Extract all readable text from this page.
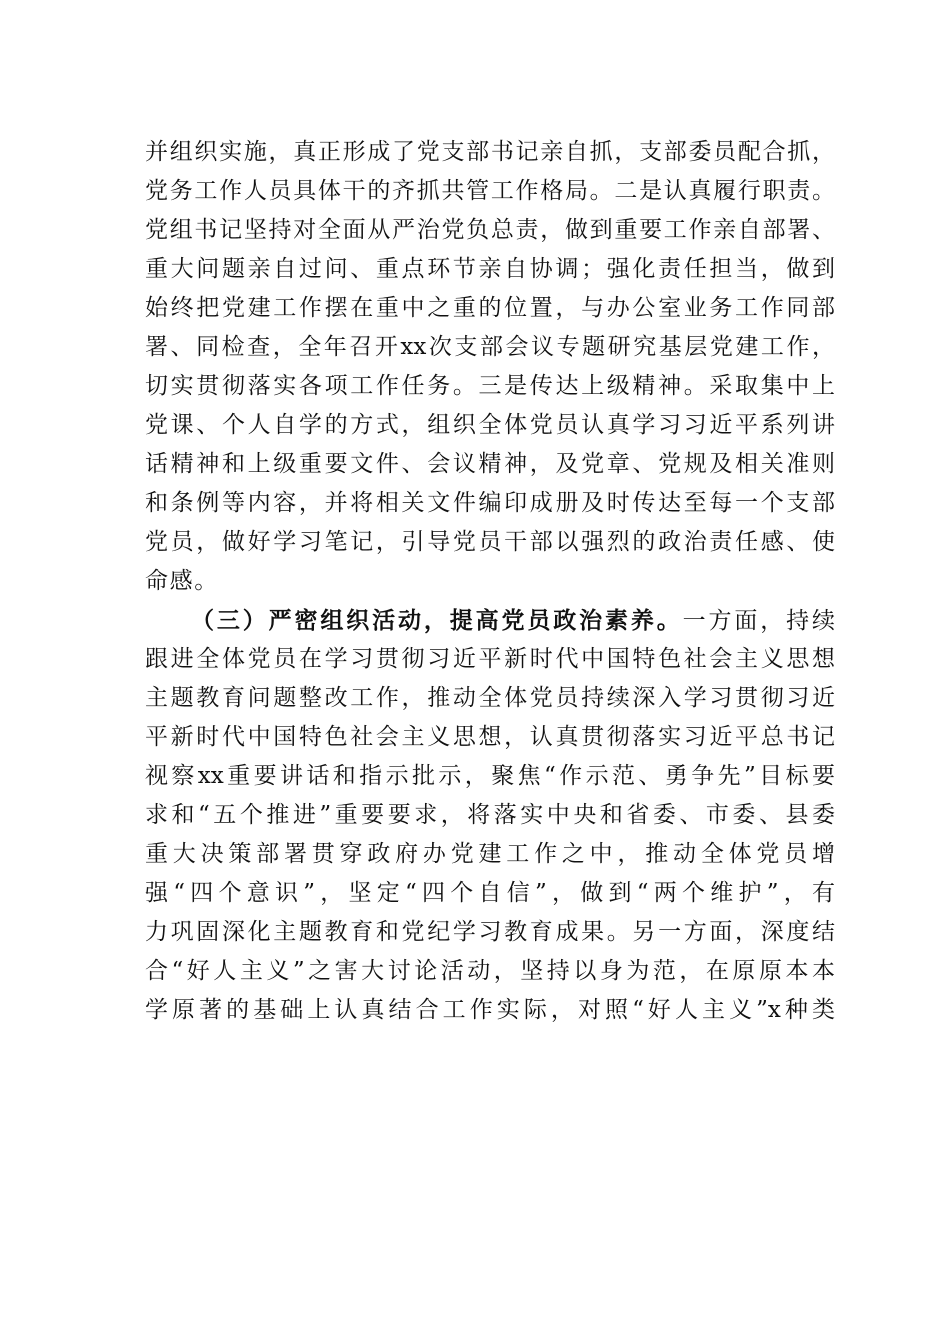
并组织实施，真正形成了党支部书记亲自抓，支部委员配合抓，
党务工作人员具体干的齐抓共管工作格局。二是认真履行职责。
党组书记坚持对全面从严治党负总责，做到重要工作亲自部署、
重大问题亲自过问、重点环节亲自协调；强化责任担当，做到
始终把党建工作摆在重中之重的位置，与办公室业务工作同部
署、同检查，全年召开xx次支部会议专题研究基层党建工作，
切实贯彻落实各项工作任务。三是传达上级精神。采取集中上
党课、个人自学的方式，组织全体党员认真学习习近平系列讲
话精神和上级重要文件、会议精神，及党章、党规及相关准则
和条例等内容，并将相关文件编印成册及时传达至每一个支部
党员，做好学习笔记，引导党员干部以强烈的政治责任感、使
命感。
（三）严密组织活动，提高党员政治素养。一方面，持续
跟进全体党员在学习贯彻习近平新时代中国特色社会主义思想
主题教育问题整改工作，推动全体党员持续深入学习贯彻习近
平新时代中国特色社会主义思想，认真贯彻落实习近平总书记
视察xx重要讲话和指示批示，聚焦“作示范、勇争先”目标要
求和“五个推进”重要要求，将落实中央和省委、市委、县委
重大决策部署贯穿政府办党建工作之中，推动全体党员增
强“四个意识”，坚定“四个自信”，做到“两个维护”，有
力巩固深化主题教育和党纪学习教育成果。另一方面，深度结
合“好人主义”之害大讨论活动，坚持以身为范，在原原本本
学原著的基础上认真结合工作实际，对照“好人主义”x种类
